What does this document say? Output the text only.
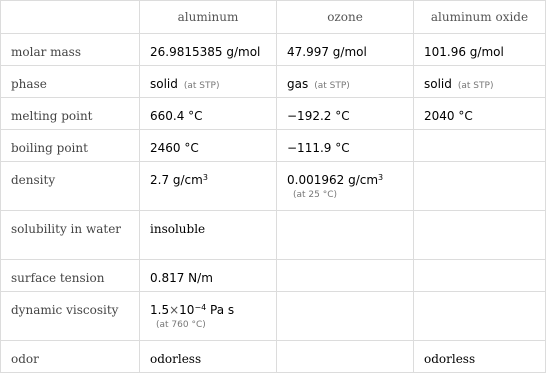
	aluminum	ozone	aluminum oxide

molar mass	26.9815385 g/mol	47.997 g/mol	101.96 g/mol

phase	solid (at STP)	gas (at STP)	solid (at STP)

melting point	660.4 °C	−192.2 °C	2040 °C

boiling point	2460 °C	−111.9 °C	

density	2.7 $g/cm^3$	0.001962 $g/cm^3$
(at 25 °C)	

solubility in water	insoluble		

surface tension	0.817 N/m		

dynamic viscosity	$1.5\times 10^{-4}$ Pa s
(at 760 °C)		

odor	odorless		odorless
